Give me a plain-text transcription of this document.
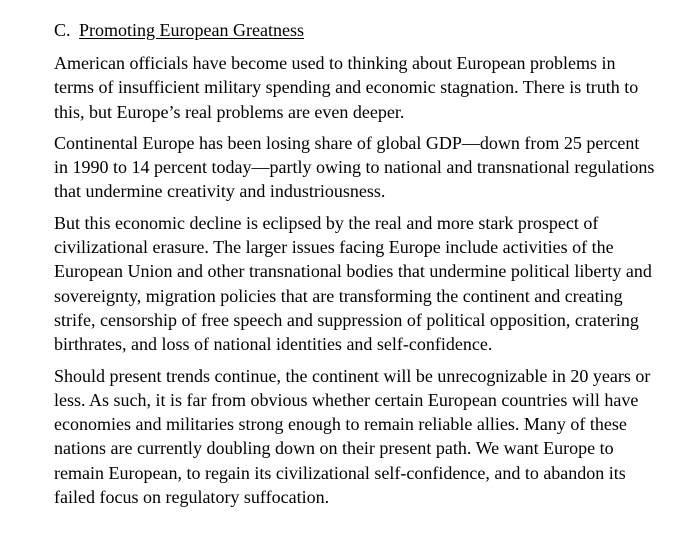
C. Promoting European Greatness

American officials have become used to thinking about European problems in
terms of insufficient military spending and economic stagnation. There is truth to
this, but Europe’s real problems are even deeper.

Continental Europe has been losing share of global GDP—down from 25 percent
in 1990 to 14 percent today—partly owing to national and transnational regulations
that undermine creativity and industriousness.

But this economic decline is eclipsed by the real and more stark prospect of
civilizational erasure. The larger issues facing Europe include activities of the
European Union and other transnational bodies that undermine political liberty and
sovereignty, migration policies that are transforming the continent and creating
strife, censorship of free speech and suppression of political opposition, cratering
birthrates, and loss of national identities and self-confidence.

Should present trends continue, the continent will be unrecognizable in 20 years or
less. As such, it is far from obvious whether certain European countries will have
economies and militaries strong enough to remain reliable allies. Many of these
nations are currently doubling down on their present path. We want Europe to
remain European, to regain its civilizational self-confidence, and to abandon its
failed focus on regulatory suffocation.
